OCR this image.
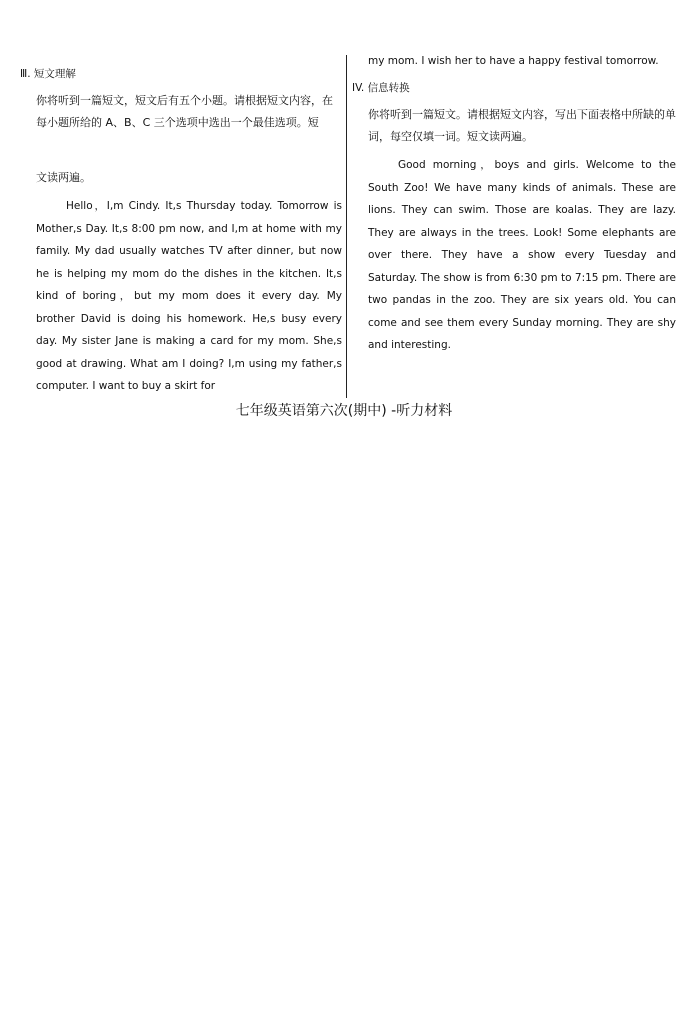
Ⅲ. 短文理解
你将听到一篇短文，短文后有五个小题。请根据短文内容，在每小题所给的 A、B、C 三个选项中选出一个最佳选项。短
文读两遍。
Hello，I,m Cindy. It,s Thursday today. Tomorrow is Mother,s Day. It,s 8:00 pm now, and I,m at home with my family. My dad usually watches TV after dinner, but now he is helping my mom do the dishes in the kitchen. It,s kind of boring，but my mom does it every day. My brother David is doing his homework. He,s busy every day. My sister Jane is making a card for my mom. She,s good at drawing. What am I doing? I,m using my father,s computer. I want to buy a skirt for
my mom. I wish her to have a happy festival tomorrow.
IV. 信息转换
你将听到一篇短文。请根据短文内容，写出下面表格中所缺的单词，每空仅填一词。短文读两遍。
Good morning，boys and girls. Welcome to the South Zoo! We have many kinds of animals. These are lions. They can swim. Those are koalas. They are lazy. They are always in the trees. Look! Some elephants are over there. They have a show every Tuesday and Saturday. The show is from 6:30 pm to 7:15 pm. There are two pandas in the zoo. They are six years old. You can come and see them every Sunday morning. They are shy and interesting.
七年级英语第六次(期中) -听力材料
